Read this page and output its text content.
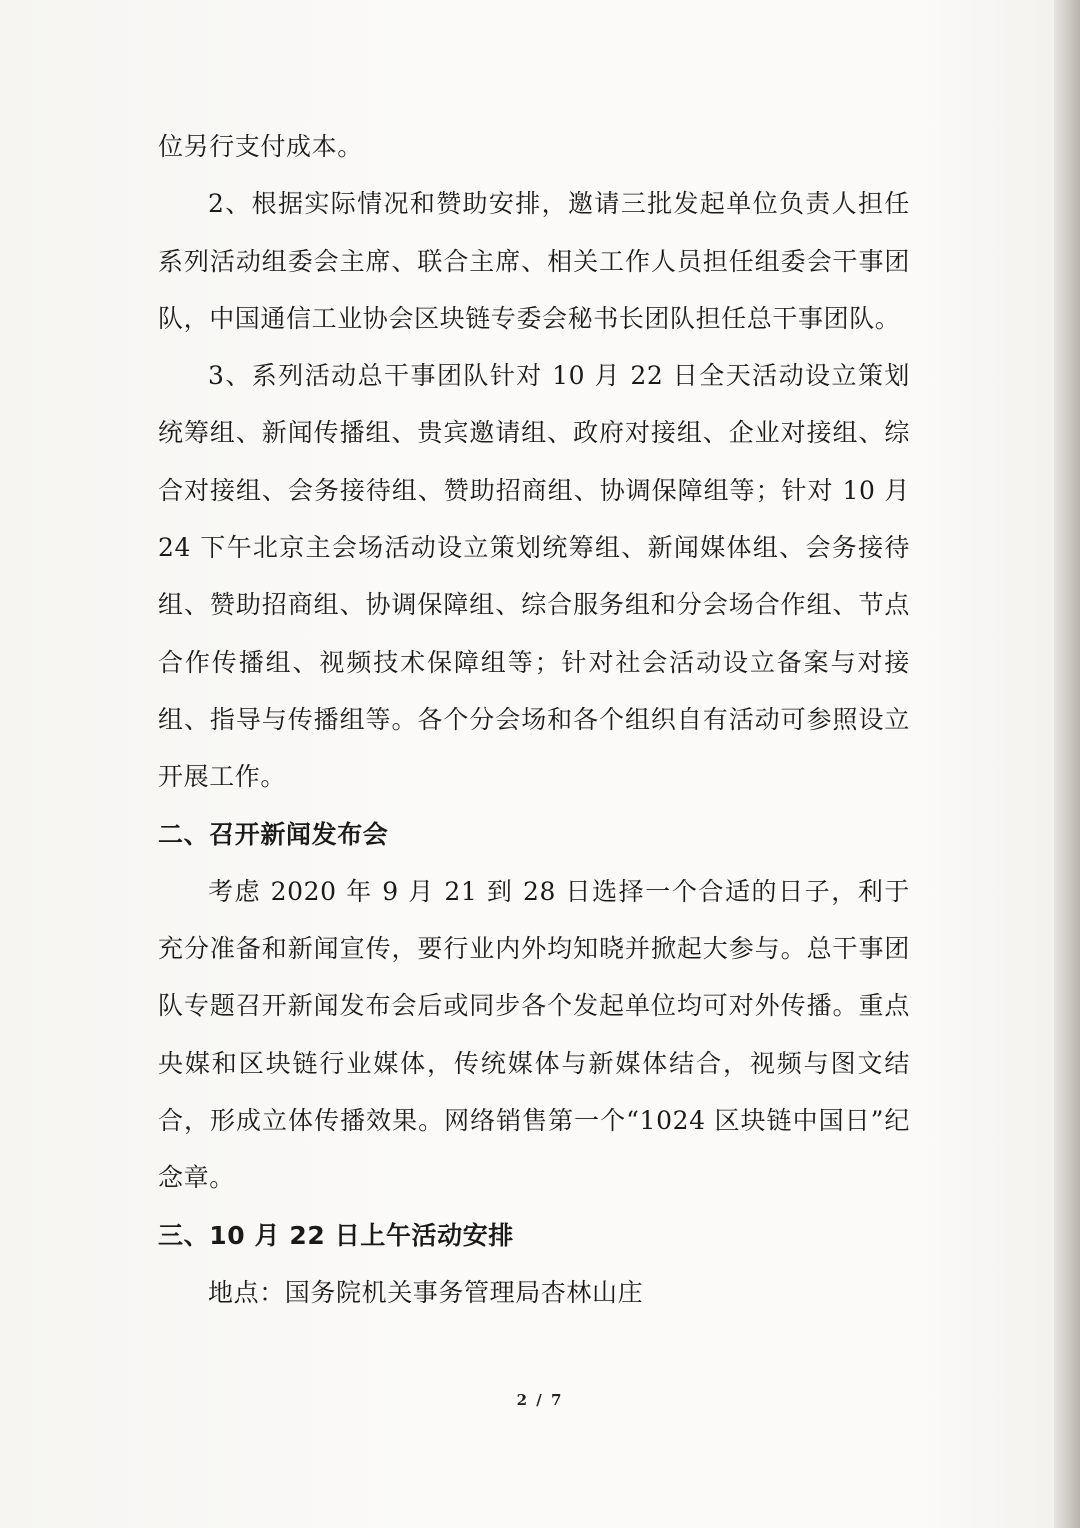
位另行支付成本。

2、根据实际情况和赞助安排，邀请三批发起单位负责人担任系列活动组委会主席、联合主席、相关工作人员担任组委会干事团队，中国通信工业协会区块链专委会秘书长团队担任总干事团队。

3、系列活动总干事团队针对 10 月 22 日全天活动设立策划统筹组、新闻传播组、贵宾邀请组、政府对接组、企业对接组、综合对接组、会务接待组、赞助招商组、协调保障组等；针对 10 月 24 下午北京主会场活动设立策划统筹组、新闻媒体组、会务接待组、赞助招商组、协调保障组、综合服务组和分会场合作组、节点合作传播组、视频技术保障组等；针对社会活动设立备案与对接组、指导与传播组等。各个分会场和各个组织自有活动可参照设立开展工作。

二、召开新闻发布会

考虑 2020 年 9 月 21 到 28 日选择一个合适的日子，利于充分准备和新闻宣传，要行业内外均知晓并掀起大参与。总干事团队专题召开新闻发布会后或同步各个发起单位均可对外传播。重点央媒和区块链行业媒体，传统媒体与新媒体结合，视频与图文结合，形成立体传播效果。网络销售第一个“1024 区块链中国日”纪念章。

三、10 月 22 日上午活动安排

地点：国务院机关事务管理局杏林山庄

2 / 7
